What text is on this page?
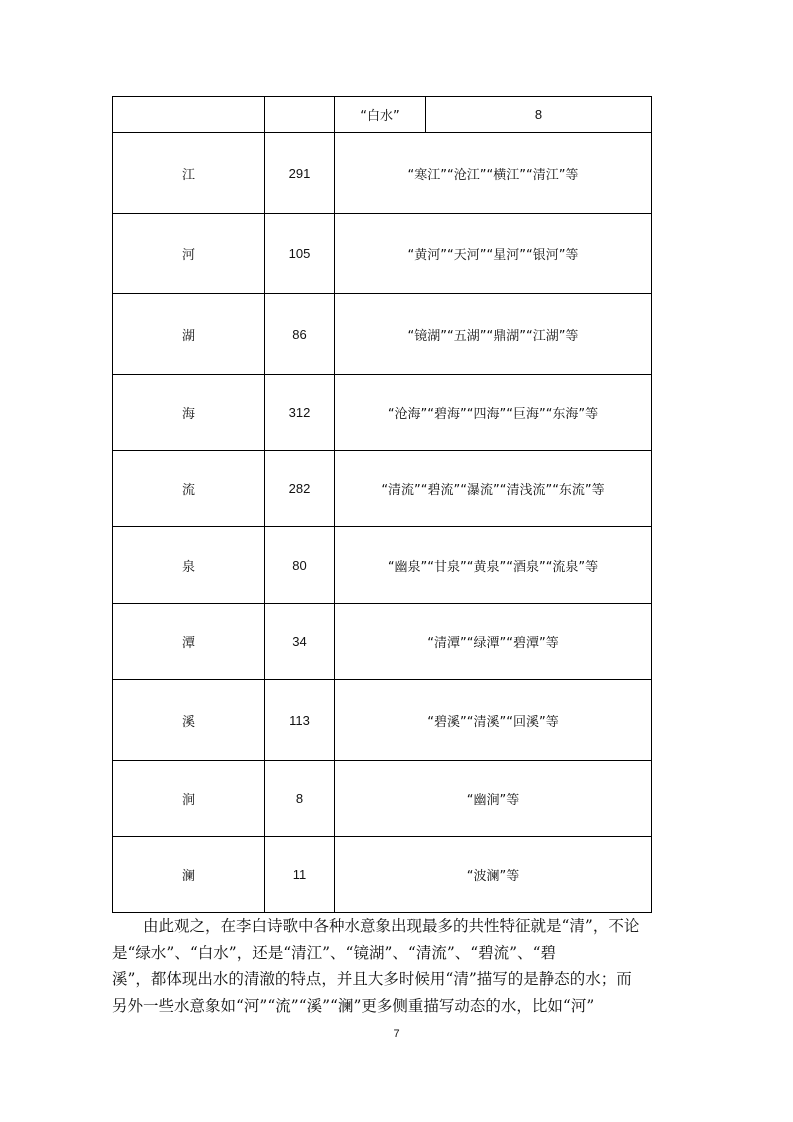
		“白水”	8
江	291	“寒江”“沧江”“横江”“清江”等	
河	105	“黄河”“天河”“星河”“银河”等	
湖	86	“镜湖”“五湖”“鼎湖”“江湖”等	
海	312	“沧海”“碧海”“四海”“巨海”“东海”等	
流	282	“清流”“碧流”“瀑流”“清浅流”“东流”等	
泉	80	“幽泉”“甘泉”“黄泉”“酒泉”“流泉”等	
潭	34	“清潭”“绿潭”“碧潭”等	
溪	113	“碧溪”“清溪”“回溪”等	
涧	8	“幽涧”等	
澜	11	“波澜”等	

由此观之，在李白诗歌中各种水意象出现最多的共性特征就是“清”，不论
是“绿水”、“白水”，还是“清江”、“镜湖”、“清流”、“碧流”、“碧
溪”，都体现出水的清澈的特点，并且大多时候用“清”描写的是静态的水；而
另外一些水意象如“河”“流”“溪”“澜”更多侧重描写动态的水，比如“河”

7
